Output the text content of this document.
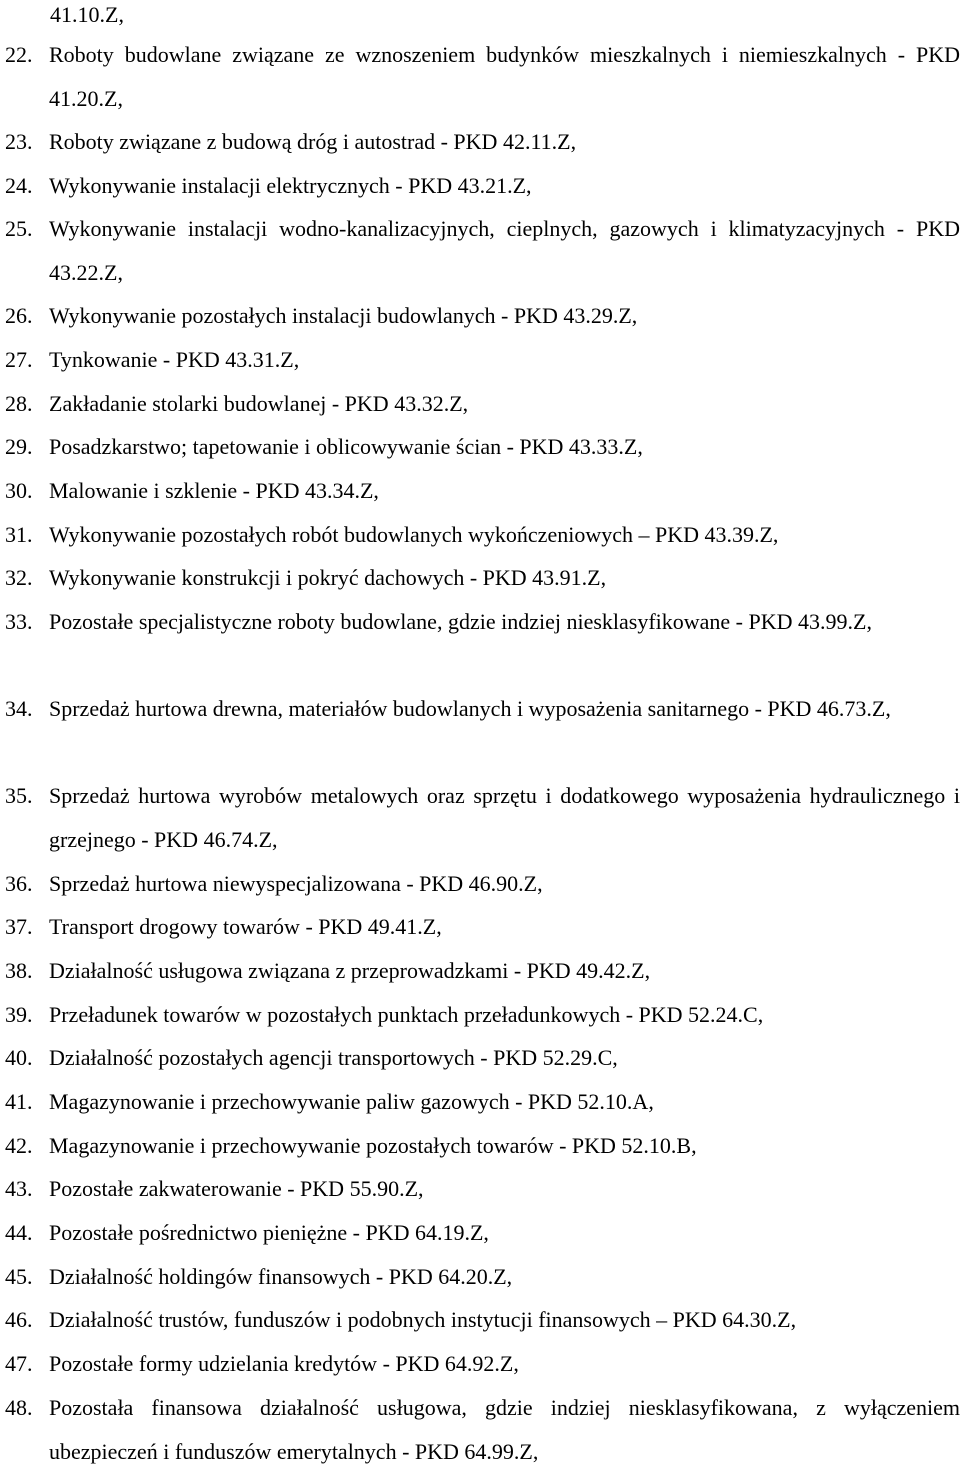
41.10.Z,
22. Roboty budowlane związane ze wznoszeniem budynków mieszkalnych i niemieszkalnych - PKD 41.20.Z,
23. Roboty związane z budową dróg i autostrad - PKD 42.11.Z,
24. Wykonywanie instalacji elektrycznych - PKD 43.21.Z,
25. Wykonywanie instalacji wodno-kanalizacyjnych, cieplnych, gazowych i klimatyzacyjnych - PKD 43.22.Z,
26. Wykonywanie pozostałych instalacji budowlanych - PKD 43.29.Z,
27. Tynkowanie - PKD 43.31.Z,
28. Zakładanie stolarki budowlanej - PKD 43.32.Z,
29. Posadzkarstwo; tapetowanie i oblicowywanie ścian - PKD 43.33.Z,
30. Malowanie i szklenie - PKD 43.34.Z,
31. Wykonywanie pozostałych robót budowlanych wykończeniowych – PKD 43.39.Z,
32. Wykonywanie konstrukcji i pokryć dachowych - PKD 43.91.Z,
33. Pozostałe specjalistyczne roboty budowlane, gdzie indziej niesklasyfikowane - PKD 43.99.Z,
34. Sprzedaż hurtowa drewna, materiałów budowlanych i wyposażenia sanitarnego - PKD 46.73.Z,
35. Sprzedaż hurtowa wyrobów metalowych oraz sprzętu i dodatkowego wyposażenia hydraulicznego i grzejnego - PKD 46.74.Z,
36. Sprzedaż hurtowa niewyspecjalizowana - PKD 46.90.Z,
37. Transport drogowy towarów - PKD 49.41.Z,
38. Działalność usługowa związana z przeprowadzkami - PKD 49.42.Z,
39. Przeładunek towarów w pozostałych punktach przeładunkowych - PKD 52.24.C,
40. Działalność pozostałych agencji transportowych - PKD 52.29.C,
41. Magazynowanie i przechowywanie paliw gazowych - PKD 52.10.A,
42. Magazynowanie i przechowywanie pozostałych towarów - PKD 52.10.B,
43. Pozostałe zakwaterowanie - PKD 55.90.Z,
44. Pozostałe pośrednictwo pieniężne - PKD 64.19.Z,
45. Działalność holdingów finansowych - PKD 64.20.Z,
46. Działalność trustów, funduszów i podobnych instytucji finansowych – PKD 64.30.Z,
47. Pozostałe formy udzielania kredytów - PKD 64.92.Z,
48. Pozostała finansowa działalność usługowa, gdzie indziej niesklasyfikowana, z wyłączeniem ubezpieczeń i funduszów emerytalnych - PKD 64.99.Z,
